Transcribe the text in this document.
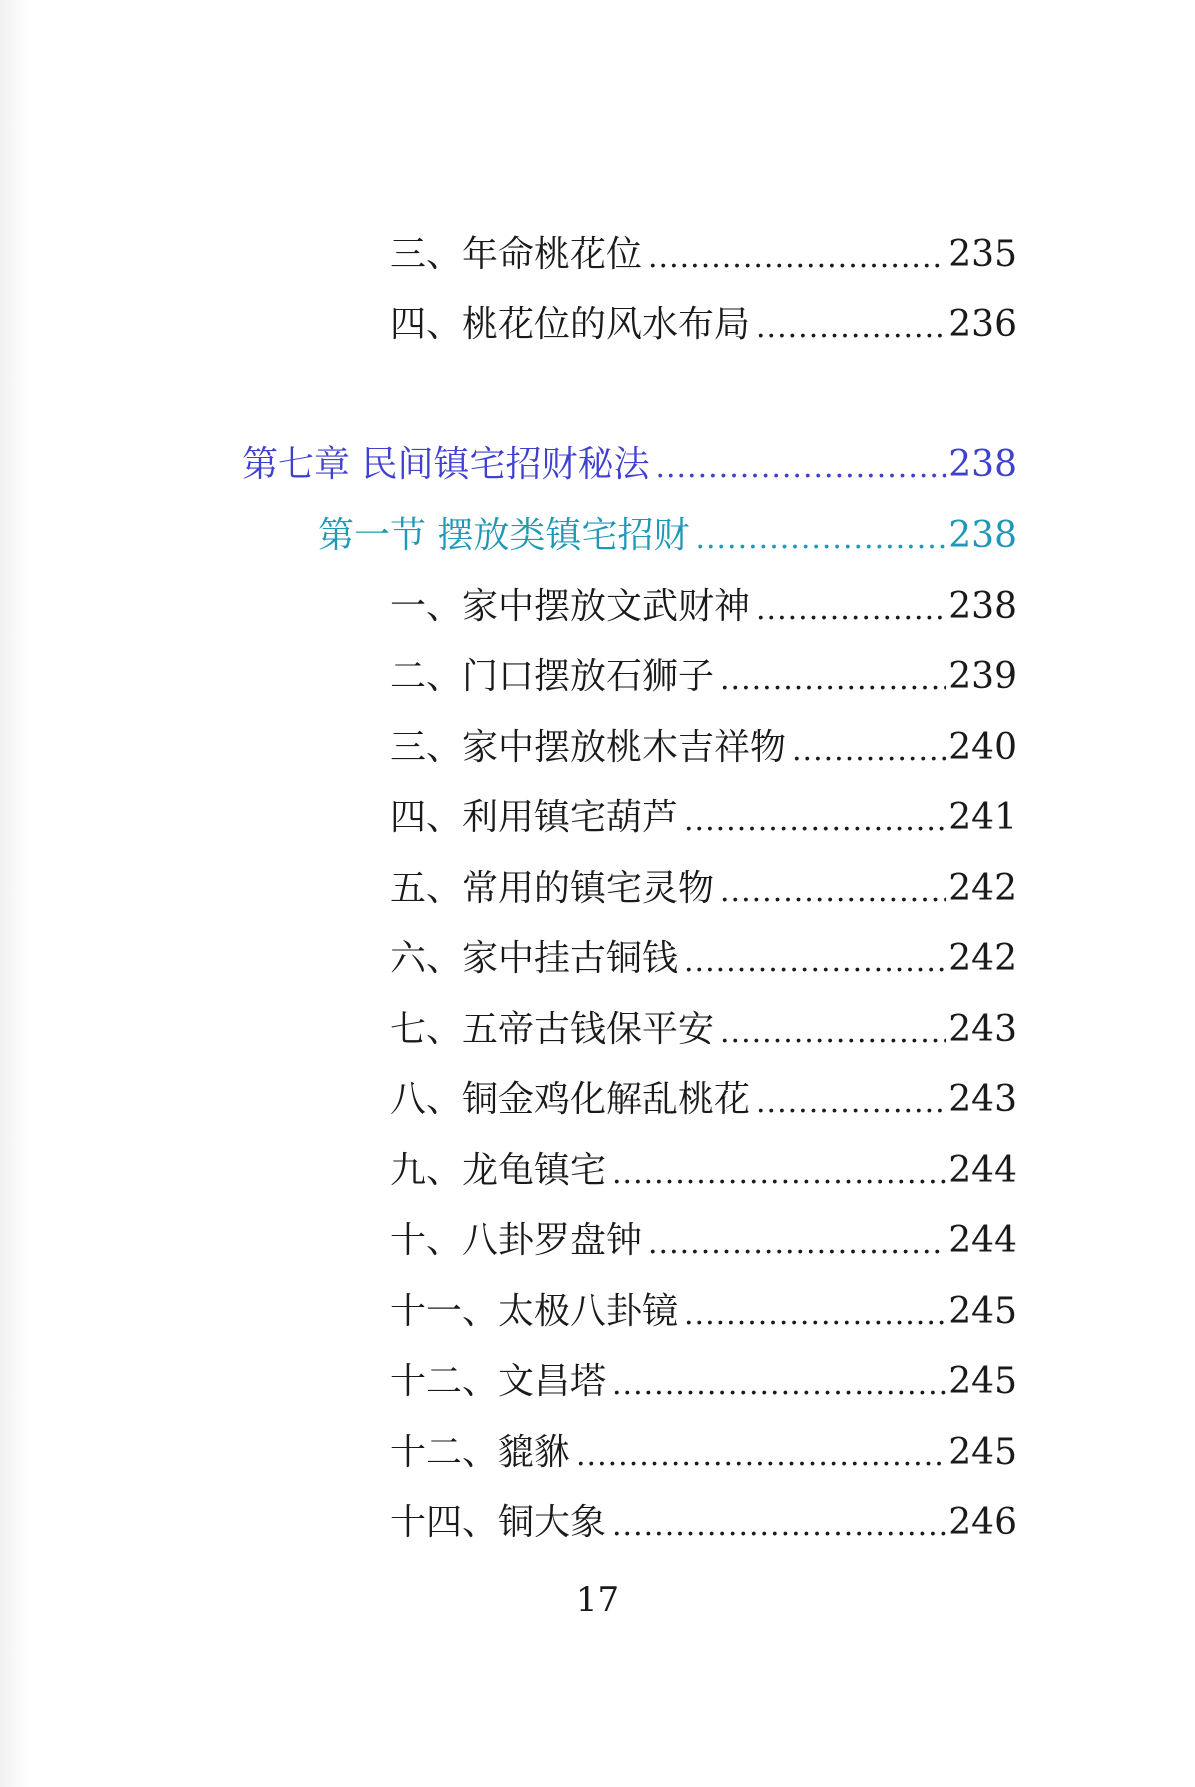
三、年命桃花位 .....	235
四、桃花位的风水布局 .....	236
第七章 民间镇宅招财秘法 .....	238
第一节 摆放类镇宅招财 .....	238
一、家中摆放文武财神 .....	238
二、门口摆放石狮子 .....	239
三、家中摆放桃木吉祥物 .....	240
四、利用镇宅葫芦 .....	241
五、常用的镇宅灵物 .....	242
六、家中挂古铜钱 .....	242
七、五帝古钱保平安 .....	243
八、铜金鸡化解乱桃花 .....	243
九、龙龟镇宅 .....	244
十、八卦罗盘钟 .....	244
十一、太极八卦镜 .....	245
十二、文昌塔 .....	245
十二、貔貅 .....	245
十四、铜大象 .....	246
17
